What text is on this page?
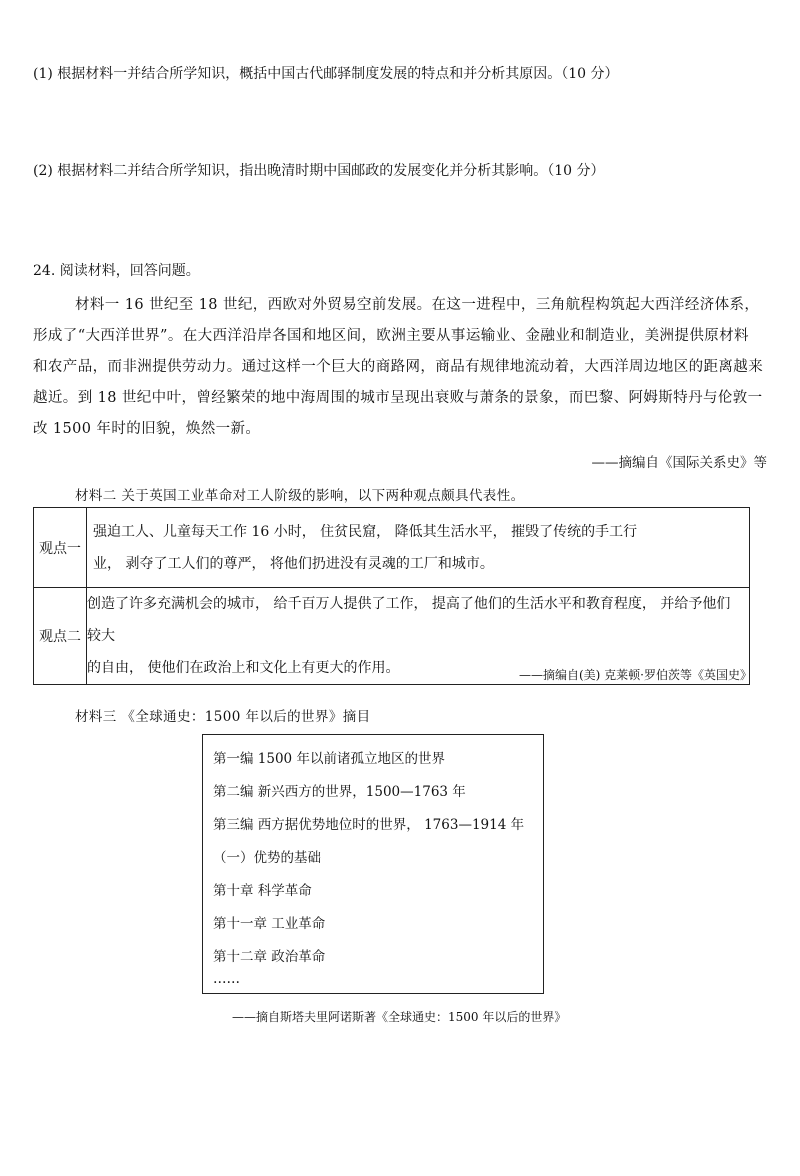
(1) 根据材料一并结合所学知识，概括中国古代邮驿制度发展的特点和并分析其原因。（10 分）
(2) 根据材料二并结合所学知识，指出晚清时期中国邮政的发展变化并分析其影响。（10 分）
24. 阅读材料，回答问题。
材料一 16 世纪至 18 世纪，西欧对外贸易空前发展。在这一进程中，三角航程构筑起大西洋经济体系，
形成了“大西洋世界”。在大西洋沿岸各国和地区间，欧洲主要从事运输业、金融业和制造业，美洲提供原材料
和农产品，而非洲提供劳动力。通过这样一个巨大的商路网，商品有规律地流动着，大西洋周边地区的距离越来
越近。到 18 世纪中叶，曾经繁荣的地中海周围的城市呈现出衰败与萧条的景象，而巴黎、阿姆斯特丹与伦敦一
改 1500 年时的旧貌，焕然一新。
——摘编自《国际关系史》等
材料二 关于英国工业革命对工人阶级的影响，以下两种观点颇具代表性。
观点一	强迫工人、儿童每天工作 16 小时， 住贫民窟， 降低其生活水平， 摧毁了传统的手工行
业， 剥夺了工人们的尊严， 将他们扔进没有灵魂的工厂和城市。

观点二	创造了许多充满机会的城市， 给千百万人提供了工作， 提高了他们的生活水平和教育程度， 并给予他们较大
的自由， 使他们在政治上和文化上有更大的作用。	——摘编自(美) 克莱顿·罗伯茨等《英国史》
材料三 《全球通史：1500 年以后的世界》摘目
第一编 1500 年以前诸孤立地区的世界
第二编 新兴西方的世界，1500—1763 年
第三编 西方据优势地位时的世界， 1763—1914 年
（一）优势的基础
第十章 科学革命
第十一章 工业革命
第十二章 政治革命
……
——摘自斯塔夫里阿诺斯著《全球通史：1500 年以后的世界》
